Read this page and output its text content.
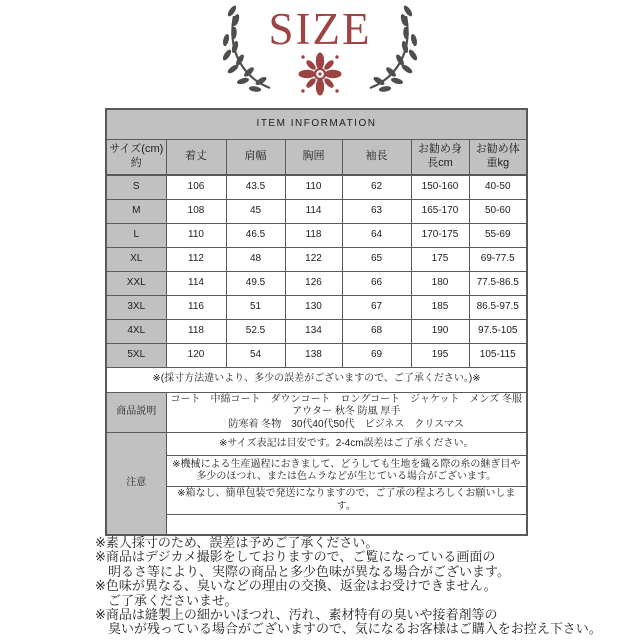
SIZE
ITEM INFORMATION						
サイズ(cm) 約	着丈	肩幅	胸囲	袖長	お勧め身長cm	お勧め体重kg
S	106	43.5	110	62	150-160	40-50
M	108	45	114	63	165-170	50-60
L	110	46.5	118	64	170-175	55-69
XL	112	48	122	65	175	69-77.5
XXL	114	49.5	126	66	180	77.5-86.5
3XL	116	51	130	67	185	86.5-97.5
4XL	118	52.5	134	68	190	97.5-105
5XL	120	54	138	69	195	105-115
※(採寸方法違いより、多少の誤差がございますので、ご了承ください。)※						
商品説明	コート　中綿コート　ダウンコート　ロングコート　ジャケット　メンズ 冬服 アウター 秋冬 防風 厚手
防寒着 冬物　30代40代50代　ビジネス　クリスマス					

注意	※サイズ表記は目安です。2-4cm誤差はご了承ください。					
	※機械による生産過程におきまして、どうしても生地を織る際の糸の継ぎ目や多少のほつれ、または色ムラなどが生じている場合がございます。					
	※箱なし、簡単包装で発送になりますので、ご了承の程よろしくお願いします。					

※素人採寸のため、誤差は予めご了承ください。
※商品はデジカメ撮影をしておりますので、ご覧になっている画面の
　明るさ等により、実際の商品と多少色味が異なる場合がございます。
※色味が異なる、臭いなどの理由の交換、返金はお受けできません。
　ご了承くださいませ。
※商品は縫製上の細かいほつれ、汚れ、素材特有の臭いや接着剤等の
　臭いが残っている場合がございますので、気になるお客様はご購入をお控え下さい。
